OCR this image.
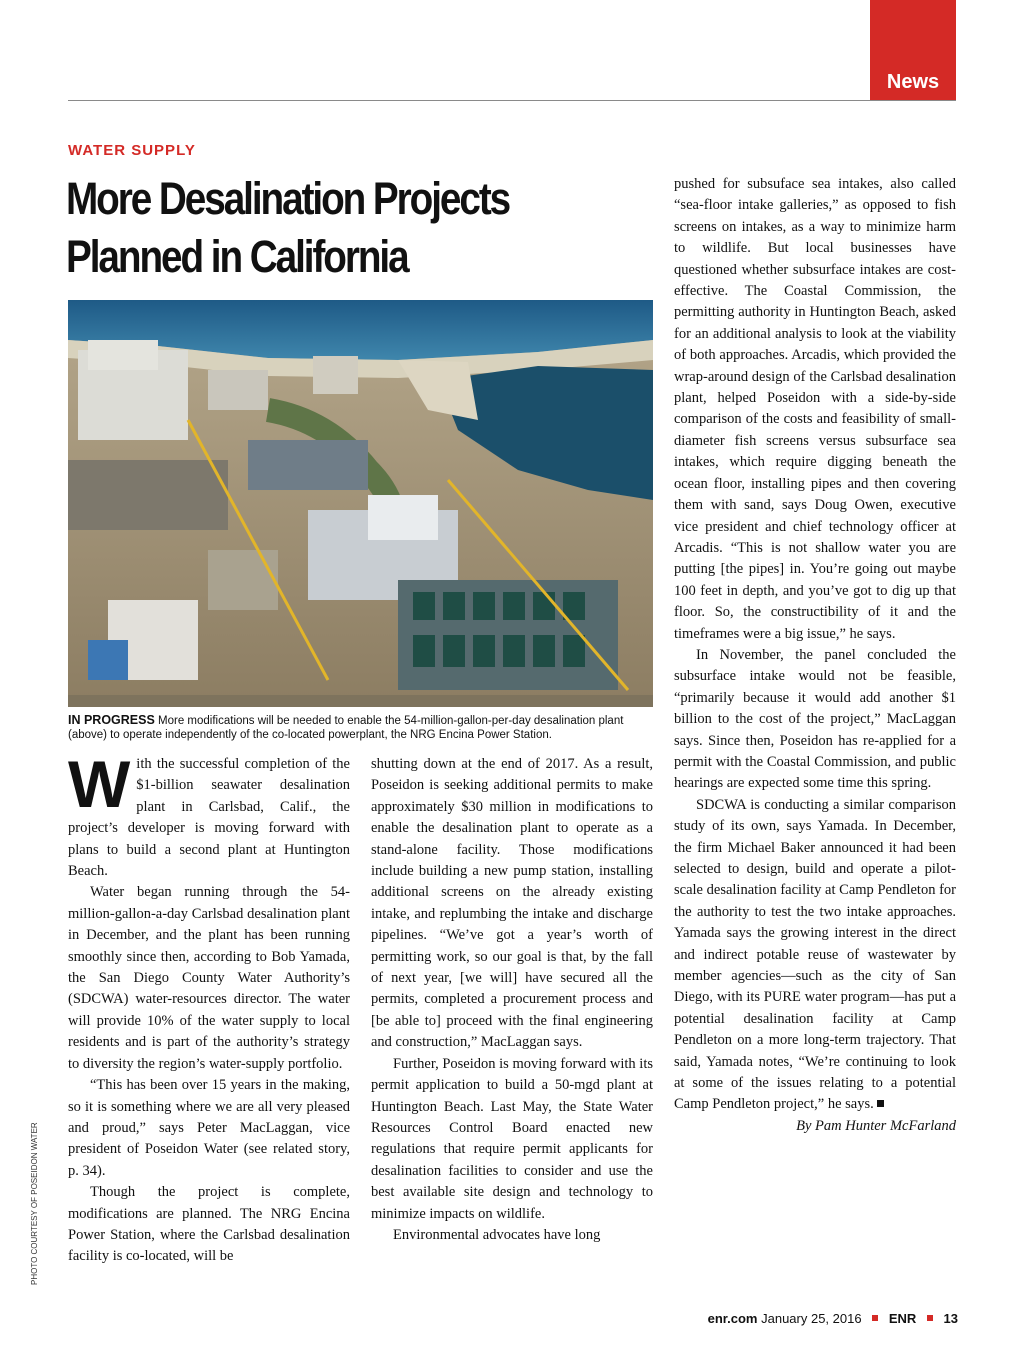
News
WATER SUPPLY
More Desalination Projects
Planned in California
IN PROGRESS More modifications will be needed to enable the 54-million-gallon-per-day desalination plant (above) to operate independently of the co-located powerplant, the NRG Encina Power Station.
PHOTO COURTESY OF POSEIDON WATER

With the successful completion of the $1-billion seawater desalination plant in Carlsbad, Calif., the project’s developer is moving forward with plans to build a second plant at Huntington Beach.

Water began running through the 54-million-gallon-a-day Carlsbad desalination plant in December, and the plant has been running smoothly since then, according to Bob Yamada, the San Diego County Water Authority’s (SDCWA) water-resources director. The water will provide 10% of the water supply to local residents and is part of the authority’s strategy to diversity the region’s water-supply portfolio.

“This has been over 15 years in the making, so it is something where we are all very pleased and proud,” says Peter MacLaggan, vice president of Poseidon Water (see related story, p. 34).

Though the project is complete, modifications are planned. The NRG Encina Power Station, where the Carlsbad desalination facility is co-located, will be

shutting down at the end of 2017. As a result, Poseidon is seeking additional permits to make approximately $30 million in modifications to enable the desalination plant to operate as a stand-alone facility. Those modifications include building a new pump station, installing additional screens on the already existing intake, and replumbing the intake and discharge pipelines. “We’ve got a year’s worth of permitting work, so our goal is that, by the fall of next year, [we will] have secured all the permits, completed a procurement process and [be able to] proceed with the final engineering and construction,” MacLaggan says.

Further, Poseidon is moving forward with its permit application to build a 50-mgd plant at Huntington Beach. Last May, the State Water Resources Control Board enacted new regulations that require permit applicants for desalination facilities to consider and use the best available site design and technology to minimize impacts on wildlife.

Environmental advocates have long

pushed for subsuface sea intakes, also called “sea-floor intake galleries,” as opposed to fish screens on intakes, as a way to minimize harm to wildlife. But local businesses have questioned whether subsurface intakes are cost-effective. The Coastal Commission, the permitting authority in Huntington Beach, asked for an additional analysis to look at the viability of both approaches. Arcadis, which provided the wrap-around design of the Carlsbad desalination plant, helped Poseidon with a side-by-side comparison of the costs and feasibility of small-diameter fish screens versus subsurface sea intakes, which require digging beneath the ocean floor, installing pipes and then covering them with sand, says Doug Owen, executive vice president and chief technology officer at Arcadis. “This is not shallow water you are putting [the pipes] in. You’re going out maybe 100 feet in depth, and you’ve got to dig up that floor. So, the constructibility of it and the timeframes were a big issue,” he says.

In November, the panel concluded the subsurface intake would not be feasible, “primarily because it would add another $1 billion to the cost of the project,” MacLaggan says. Since then, Poseidon has re-applied for a permit with the Coastal Commission, and public hearings are expected some time this spring.

SDCWA is conducting a similar comparison study of its own, says Yamada. In December, the firm Michael Baker announced it had been selected to design, build and operate a pilot-scale desalination facility at Camp Pendleton for the authority to test the two intake approaches. Yamada says the growing interest in the direct and indirect potable reuse of wastewater by member agencies—such as the city of San Diego, with its PURE water program—has put a potential desalination facility at Camp Pendleton on a more long-term trajectory. That said, Yamada notes, “We’re continuing to look at some of the issues relating to a potential Camp Pendleton project,” he says.

By Pam Hunter McFarland

enr.com January 25, 2016 ENR 13
